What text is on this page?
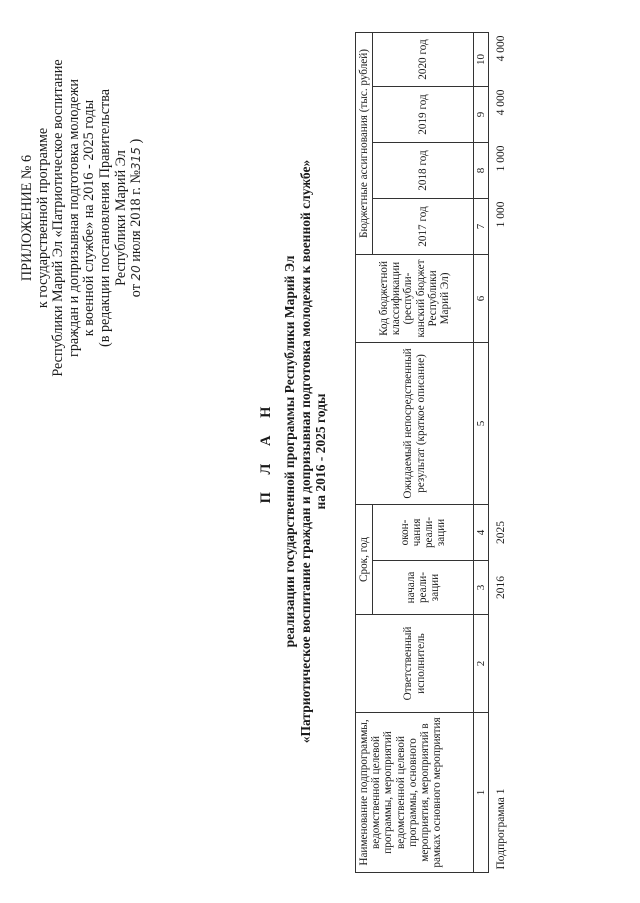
ПРИЛОЖЕНИЕ № 6 к государственной программе Республики Марий Эл «Патриотическое воспитание граждан и допризывная подготовка молодежи к военной службе» на 2016 - 2025 годы (в редакции постановления Правительства Республики Марий Эл
от 20 июля 2018 г. №315 )
П Л А Н реализации государственной программы Республики Марий Эл «Патриотическое воспитание граждан и допризывная подготовка молодежи к военной службе» на 2016 - 2025 годы
Наименование подпрограммы, ведомственной целевой программы, мероприятий ведомственной целевой программы, основного мероприятия, мероприятий в рамках основного мероприятия	Ответственный исполнитель	Срок, год		Ожидаемый непосредственный результат (краткое описание)	Код бюджетной классификации (республи-канский бюджет Республики Марий Эл)	Бюджетные ассигнования (тыс. рублей)			
		начала реали-зации	окон-чания реали-зации			2017 год	2018 год	2019 год	2020 год
1	2	3	4	5	6	7	8	9	10
Подпрограмма 1		2016	2025			1 000	1 000	4 000	4 000
